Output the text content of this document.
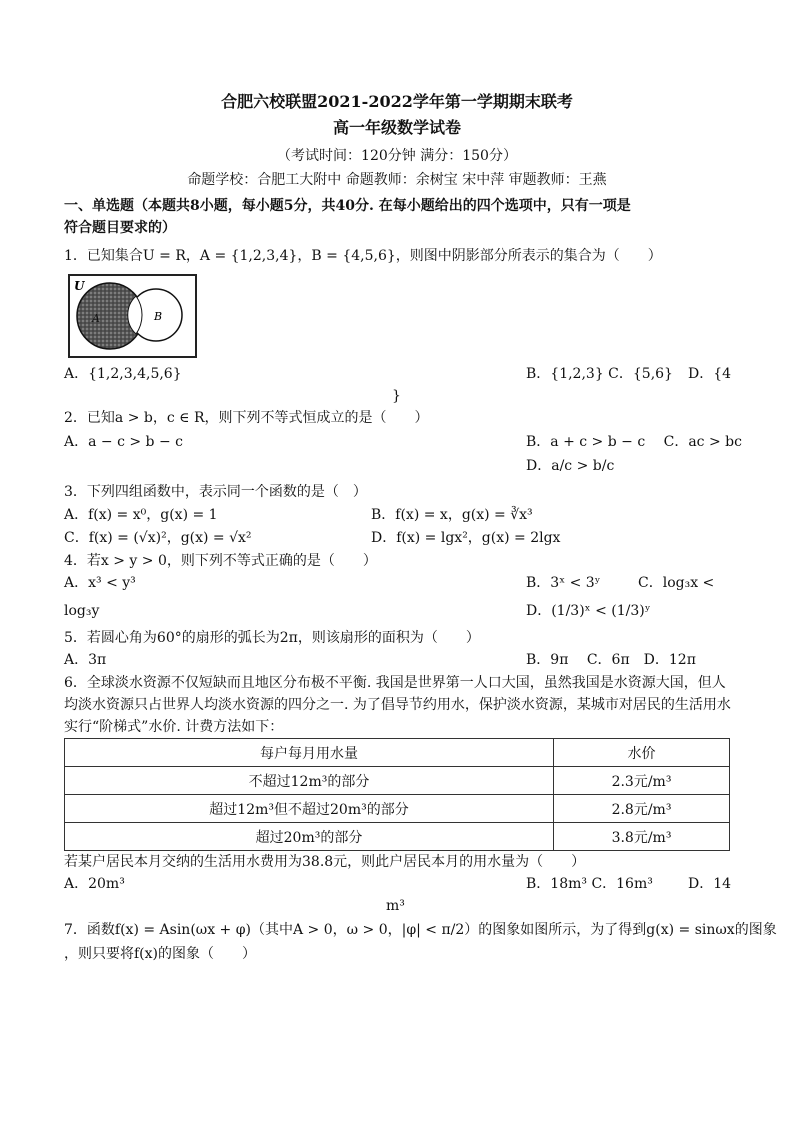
合肥六校联盟2021-2022学年第一学期期末联考
高一年级数学试卷
（考试时间：120分钟 满分：150分）
命题学校：合肥工大附中 命题教师：余树宝 宋中萍 审题教师：王燕
一、单选题（本题共8小题，每小题5分，共40分. 在每小题给出的四个选项中，只有一项是
符合题目要求的）
1．已知集合U = R，A = {1,2,3,4}，B = {4,5,6}，则图中阴影部分所表示的集合为（　　）
U
A	B
A．{1,2,3,4,5,6}	B．{1,2,3} C．{5,6} D．{4
}
2．已知a > b，c ∈ R，则下列不等式恒成立的是（　　）
A．a − c > b − c	B．a + c > b − c　 C．ac > bc
D．a/c > b/c
3．下列四组函数中，表示同一个函数的是（　）
A．f(x) = x⁰，g(x) = 1	B．f(x) = x，g(x) = ∛x³
C．f(x) = (√x)²，g(x) = √x²	D．f(x) = lgx²，g(x) = 2lgx
4．若x > y > 0，则下列不等式正确的是（　　）
A．x³ < y³	B．3ˣ < 3ʸ	C．log₃x <
log₃y	D．(1/3)ˣ < (1/3)ʸ
5．若圆心角为60°的扇形的弧长为2π，则该扇形的面积为（　　）
A．3π	B．9π　 C．6π　D．12π
6．全球淡水资源不仅短缺而且地区分布极不平衡. 我国是世界第一人口大国，虽然我国是水资源大国，但人
均淡水资源只占世界人均淡水资源的四分之一. 为了倡导节约用水，保护淡水资源，某城市对居民的生活用水
实行“阶梯式”水价. 计费方法如下：
每户每月用水量	水价
不超过12m³的部分	2.3元/m³
超过12m³但不超过20m³的部分	2.8元/m³
超过20m³的部分	3.8元/m³
若某户居民本月交纳的生活用水费用为38.8元，则此户居民本月的用水量为（　　）
A．20m³	B．18m³ C．16m³	D．14
m³
7．函数f(x) = Asin(ωx + φ)（其中A > 0，ω > 0，|φ| < π/2）的图象如图所示，为了得到g(x) = sinωx的图象
，则只要将f(x)的图象（　　）
